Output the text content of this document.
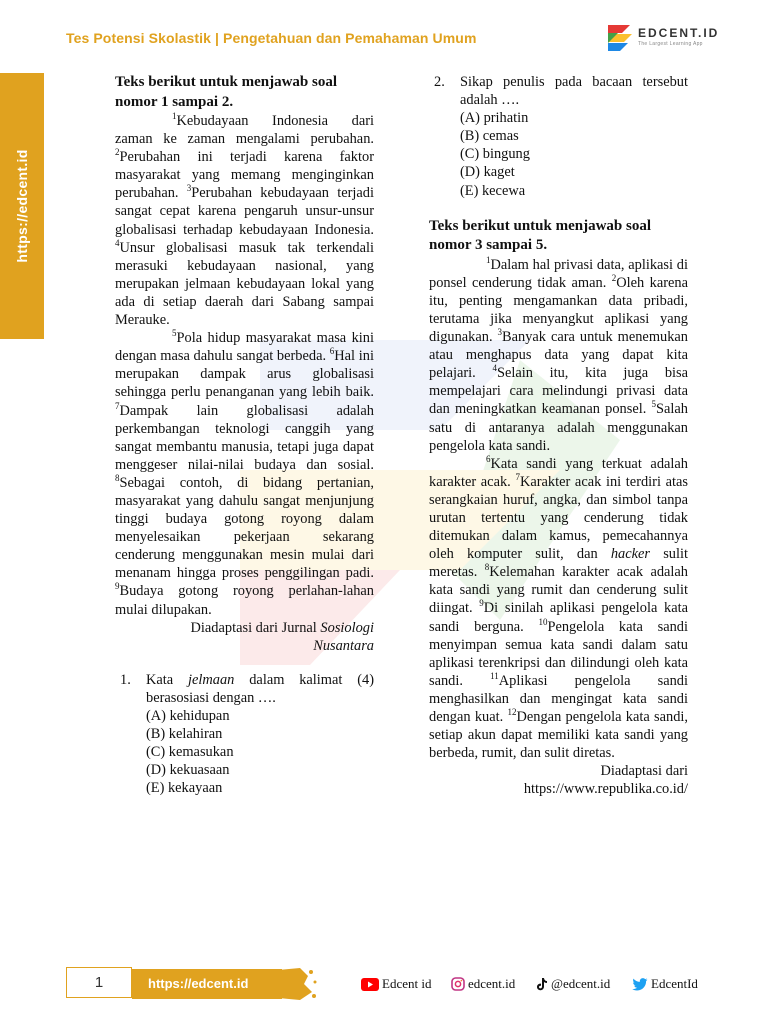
Tes Potensi Skolastik | Pengetahuan dan Pemahaman Umum	EDCENT.ID
The Largest Learning App
https://edcent.id

Teks berikut untuk menjawab soal nomor 1 sampai 2.

$^1$Kebudayaan Indonesia dari zaman ke zaman mengalami perubahan. $^2$Perubahan ini terjadi karena faktor masyarakat yang memang menginginkan perubahan. $^3$Perubahan kebudayaan terjadi sangat cepat karena pengaruh unsur-unsur globalisasi terhadap kebudayaan Indonesia. $^4$Unsur globalisasi masuk tak terkendali merasuki kebudayaan nasional, yang merupakan jelmaan kebudayaan lokal yang ada di setiap daerah dari Sabang sampai Merauke.

$^5$Pola hidup masyarakat masa kini dengan masa dahulu sangat berbeda. $^6$Hal ini merupakan dampak arus globalisasi sehingga perlu penanganan yang lebih baik. $^7$Dampak lain globalisasi adalah perkembangan teknologi canggih yang sangat membantu manusia, tetapi juga dapat menggeser nilai-nilai budaya dan sosial. $^8$Sebagai contoh, di bidang pertanian, masyarakat yang dahulu sangat menjunjung tinggi budaya gotong royong dalam menyelesaikan pekerjaan sekarang cenderung menggunakan mesin mulai dari menanam hingga proses penggilingan padi. $^9$Budaya gotong royong perlahan-lahan mulai dilupakan.

Diadaptasi dari Jurnal Sosiologi
Nusantara

1.	Kata jelmaan dalam kalimat (4) berasosiasi dengan ….

(A) kehidupan

(B) kelahiran

(C) kemasukan

(D) kekuasaan

(E) kekayaan

2.	Sikap penulis pada bacaan tersebut adalah ….

(A) prihatin

(B) cemas

(C) bingung

(D) kaget

(E) kecewa

Teks berikut untuk menjawab soal nomor 3 sampai 5.

$^1$Dalam hal privasi data, aplikasi di ponsel cenderung tidak aman. $^2$Oleh karena itu, penting mengamankan data pribadi, terutama jika menyangkut aplikasi yang digunakan. $^3$Banyak cara untuk menemukan atau menghapus data yang dapat kita pelajari. $^4$Selain itu, kita juga bisa mempelajari cara melindungi privasi data dan meningkatkan keamanan ponsel. $^5$Salah satu di antaranya adalah menggunakan pengelola kata sandi.

$^6$Kata sandi yang terkuat adalah karakter acak. $^7$Karakter acak ini terdiri atas serangkaian huruf, angka, dan simbol tanpa urutan tertentu yang cenderung tidak ditemukan dalam kamus, pemecahannya oleh komputer sulit, dan hacker sulit meretas. $^8$Kelemahan karakter acak adalah kata sandi yang rumit dan cenderung sulit diingat. $^9$Di sinilah aplikasi pengelola kata sandi berguna. $^{10}$Pengelola kata sandi menyimpan semua kata sandi dalam satu aplikasi terenkripsi dan dilindungi oleh kata sandi.	$^{11}$Aplikasi pengelola sandi menghasilkan dan mengingat kata sandi dengan kuat. $^{12}$Dengan pengelola kata sandi, setiap akun dapat memiliki kata sandi yang berbeda, rumit, dan sulit diretas.

Diadaptasi dari
https://www.republika.co.id/

1	https://edcent.id	Edcent id	edcent.id	@edcent.id	EdcentId
